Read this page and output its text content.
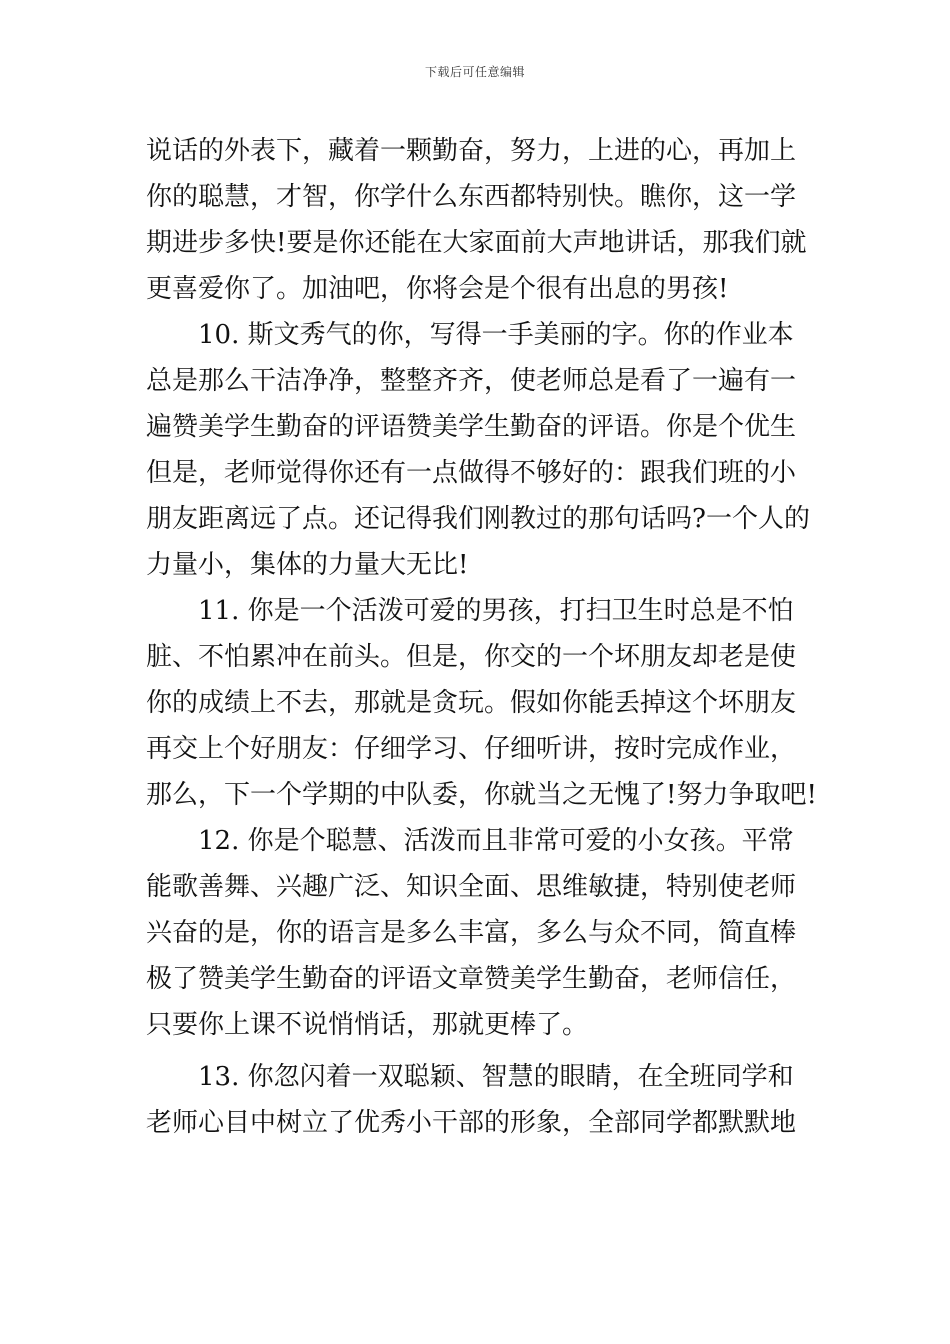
下载后可任意编辑
说话的外表下，藏着一颗勤奋，努力，上进的心，再加上
你的聪慧，才智，你学什么东西都特别快。瞧你，这一学
期进步多快!要是你还能在大家面前大声地讲话，那我们就
更喜爱你了。加油吧，你将会是个很有出息的男孩!
10. 斯文秀气的你，写得一手美丽的字。你的作业本
总是那么干洁净净，整整齐齐，使老师总是看了一遍有一
遍赞美学生勤奋的评语赞美学生勤奋的评语。你是个优生
但是，老师觉得你还有一点做得不够好的：跟我们班的小
朋友距离远了点。还记得我们刚教过的那句话吗?一个人的
力量小，集体的力量大无比!
11. 你是一个活泼可爱的男孩，打扫卫生时总是不怕
脏、不怕累冲在前头。但是，你交的一个坏朋友却老是使
你的成绩上不去，那就是贪玩。假如你能丢掉这个坏朋友
再交上个好朋友：仔细学习、仔细听讲，按时完成作业，
那么，下一个学期的中队委，你就当之无愧了!努力争取吧!
12. 你是个聪慧、活泼而且非常可爱的小女孩。平常
能歌善舞、兴趣广泛、知识全面、思维敏捷，特别使老师
兴奋的是，你的语言是多么丰富，多么与众不同，简直棒
极了赞美学生勤奋的评语文章赞美学生勤奋，老师信任，
只要你上课不说悄悄话，那就更棒了。
13. 你忽闪着一双聪颖、智慧的眼睛，在全班同学和
老师心目中树立了优秀小干部的形象，全部同学都默默地
